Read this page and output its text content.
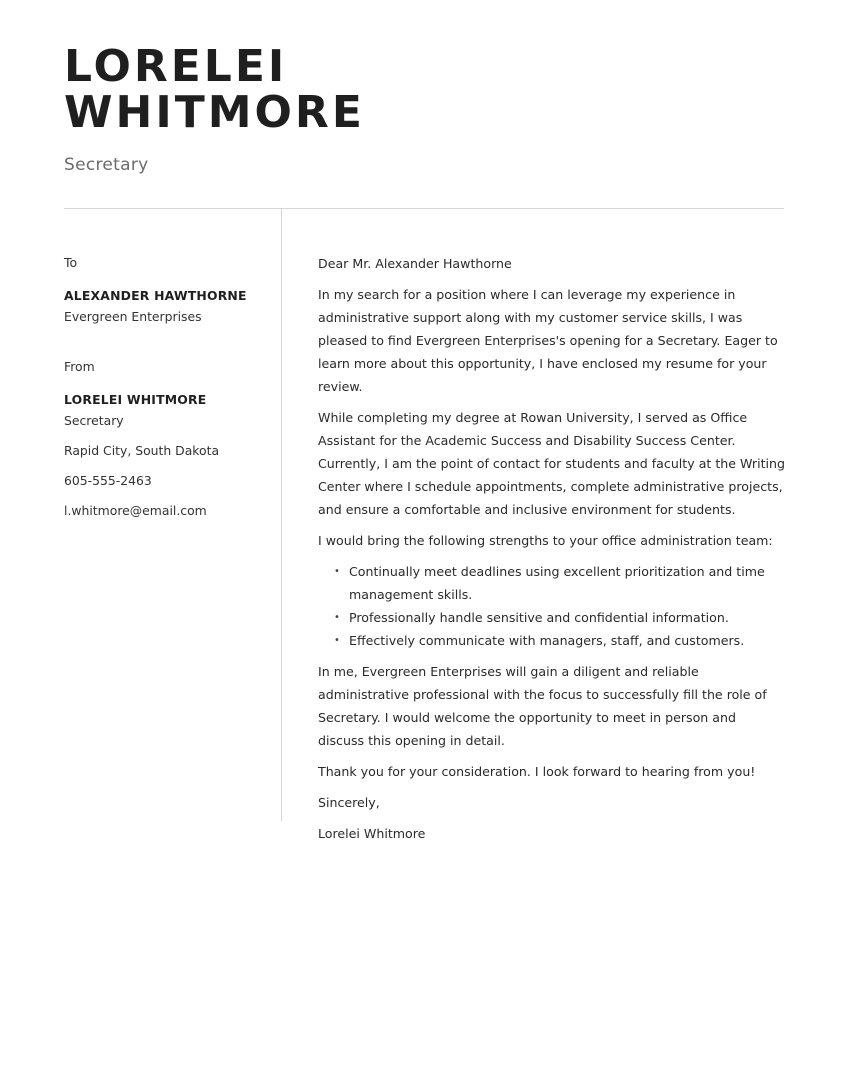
LORELEI
WHITMORE
Secretary
To
ALEXANDER HAWTHORNE
Evergreen Enterprises
From
LORELEI WHITMORE
Secretary
Rapid City, South Dakota
605-555-2463
l.whitmore@email.com

Dear Mr. Alexander Hawthorne

In my search for a position where I can leverage my experience in administrative support along with my customer service skills, I was pleased to find Evergreen Enterprises's opening for a Secretary. Eager to learn more about this opportunity, I have enclosed my resume for your review.

While completing my degree at Rowan University, I served as Office Assistant for the Academic Success and Disability Success Center. Currently, I am the point of contact for students and faculty at the Writing Center where I schedule appointments, complete administrative projects, and ensure a comfortable and inclusive environment for students.

I would bring the following strengths to your office administration team:

• Continually meet deadlines using excellent prioritization and time management skills.
• Professionally handle sensitive and confidential information.
• Effectively communicate with managers, staff, and customers.

In me, Evergreen Enterprises will gain a diligent and reliable administrative professional with the focus to successfully fill the role of Secretary. I would welcome the opportunity to meet in person and discuss this opening in detail.

Thank you for your consideration. I look forward to hearing from you!

Sincerely,

Lorelei Whitmore
